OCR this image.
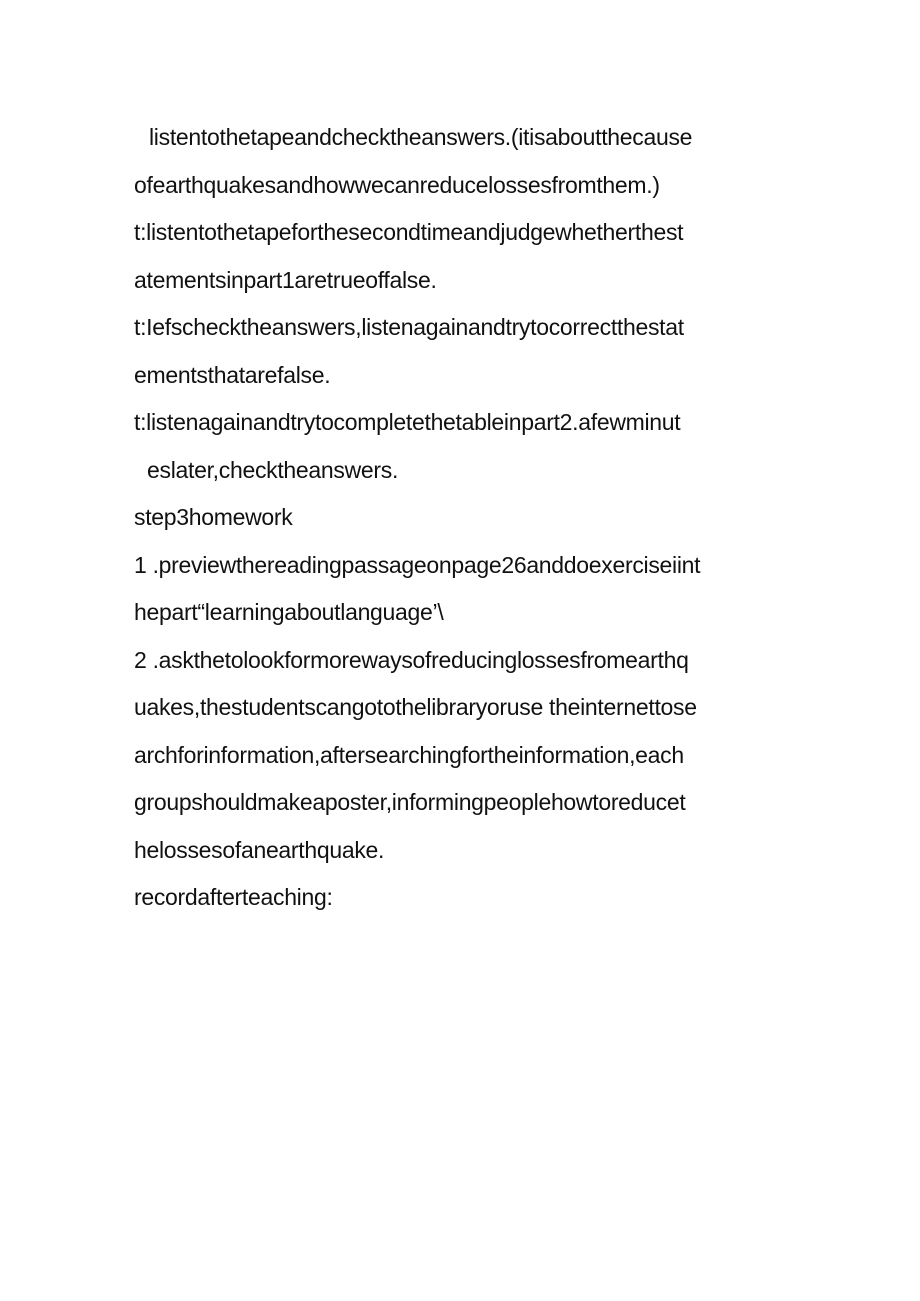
listentothetapeandchecktheanswers.(itisaboutthecause
ofearthquakesandhowwecanreducelossesfromthem.)
t:listentothetapeforthesecondtimeandjudgewhetherthest
atementsinpart1aretrueoffalse.
t:Iefschecktheanswers,listenagainandtrytocorrectthestat
ementsthatarefalse.
t:listenagainandtrytocompletethetableinpart2.afewminut
eslater,checktheanswers.
step3homework
1 .previewthereadingpassageonpage26anddoexerciseiint
hepart“learningaboutlanguage’\
2 .askthetolookformorewaysofreducinglossesfromearthq
uakes,thestudentscangotothelibraryoruse theinternettose
archforinformation,aftersearchingfortheinformation,each
groupshouldmakeaposter,informingpeoplehowtoreducet
helossesofanearthquake.
recordafterteaching:
